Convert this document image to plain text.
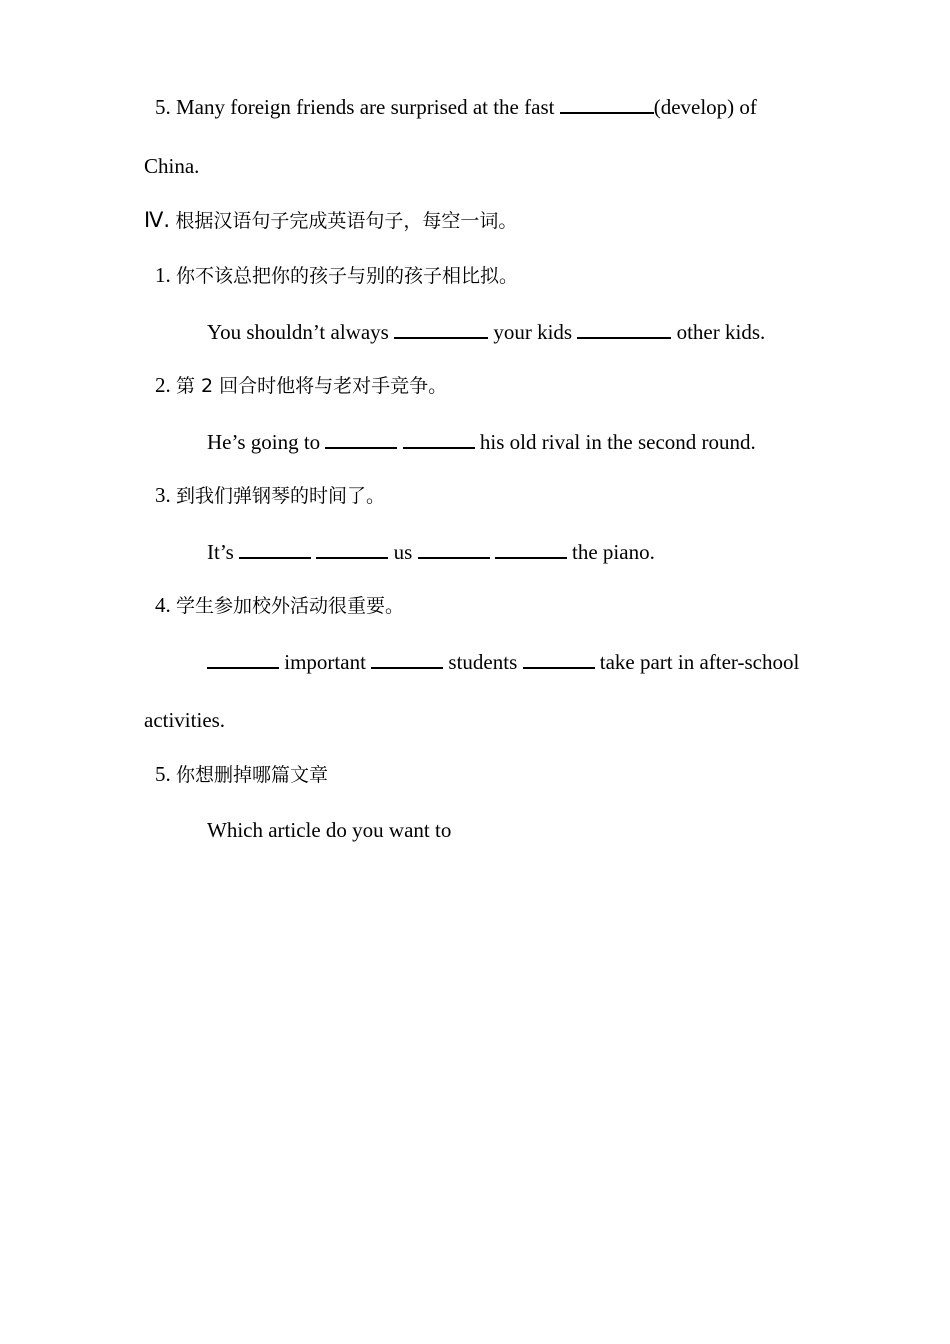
5. Many foreign friends are surprised at the fast	(develop) of
China.
Ⅳ. 根据汉语句子完成英语句子，每空一词。
1. 你不该总把你的孩子与别的孩子相比拟。
You shouldn’t always	your kids	other kids.
2. 第 2 回合时他将与老对手竞争。
He’s going to	his old rival in the second round.
3. 到我们弹钢琴的时间了。
It’s	us	the piano.
4. 学生参加校外活动很重要。
important	students	take part in after-school
activities.
5. 你想删掉哪篇文章
Which article do you want to
